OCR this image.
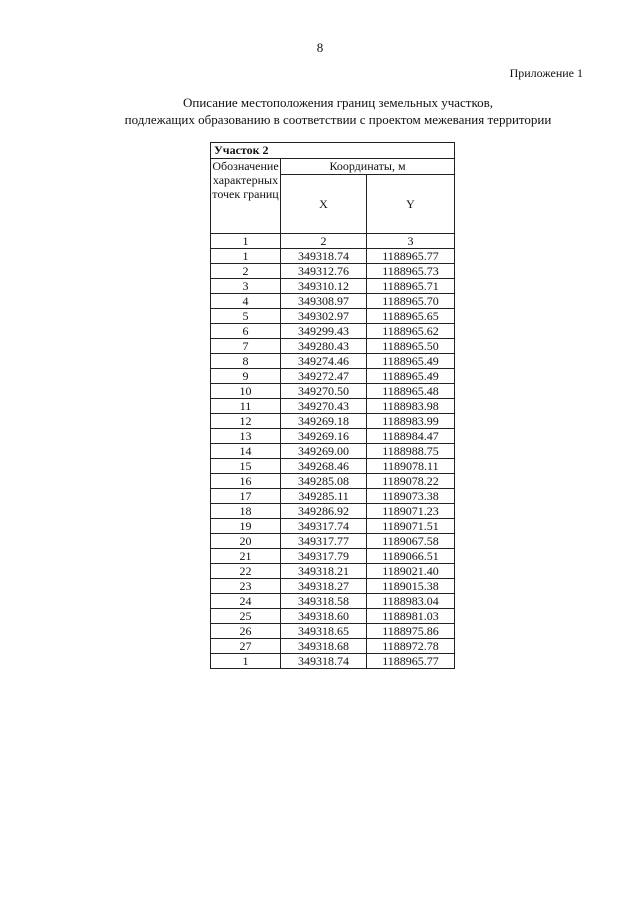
8
Приложение 1
Описание местоположения границ земельных участков,
подлежащих образованию в соответствии с проектом межевания территории
Участок 2		
Обозначение характерных точек границ	Координаты, м	
	X	Y
1	2	3
1	349318.74	1188965.77
2	349312.76	1188965.73
3	349310.12	1188965.71
4	349308.97	1188965.70
5	349302.97	1188965.65
6	349299.43	1188965.62
7	349280.43	1188965.50
8	349274.46	1188965.49
9	349272.47	1188965.49
10	349270.50	1188965.48
11	349270.43	1188983.98
12	349269.18	1188983.99
13	349269.16	1188984.47
14	349269.00	1188988.75
15	349268.46	1189078.11
16	349285.08	1189078.22
17	349285.11	1189073.38
18	349286.92	1189071.23
19	349317.74	1189071.51
20	349317.77	1189067.58
21	349317.79	1189066.51
22	349318.21	1189021.40
23	349318.27	1189015.38
24	349318.58	1188983.04
25	349318.60	1188981.03
26	349318.65	1188975.86
27	349318.68	1188972.78
1	349318.74	1188965.77
